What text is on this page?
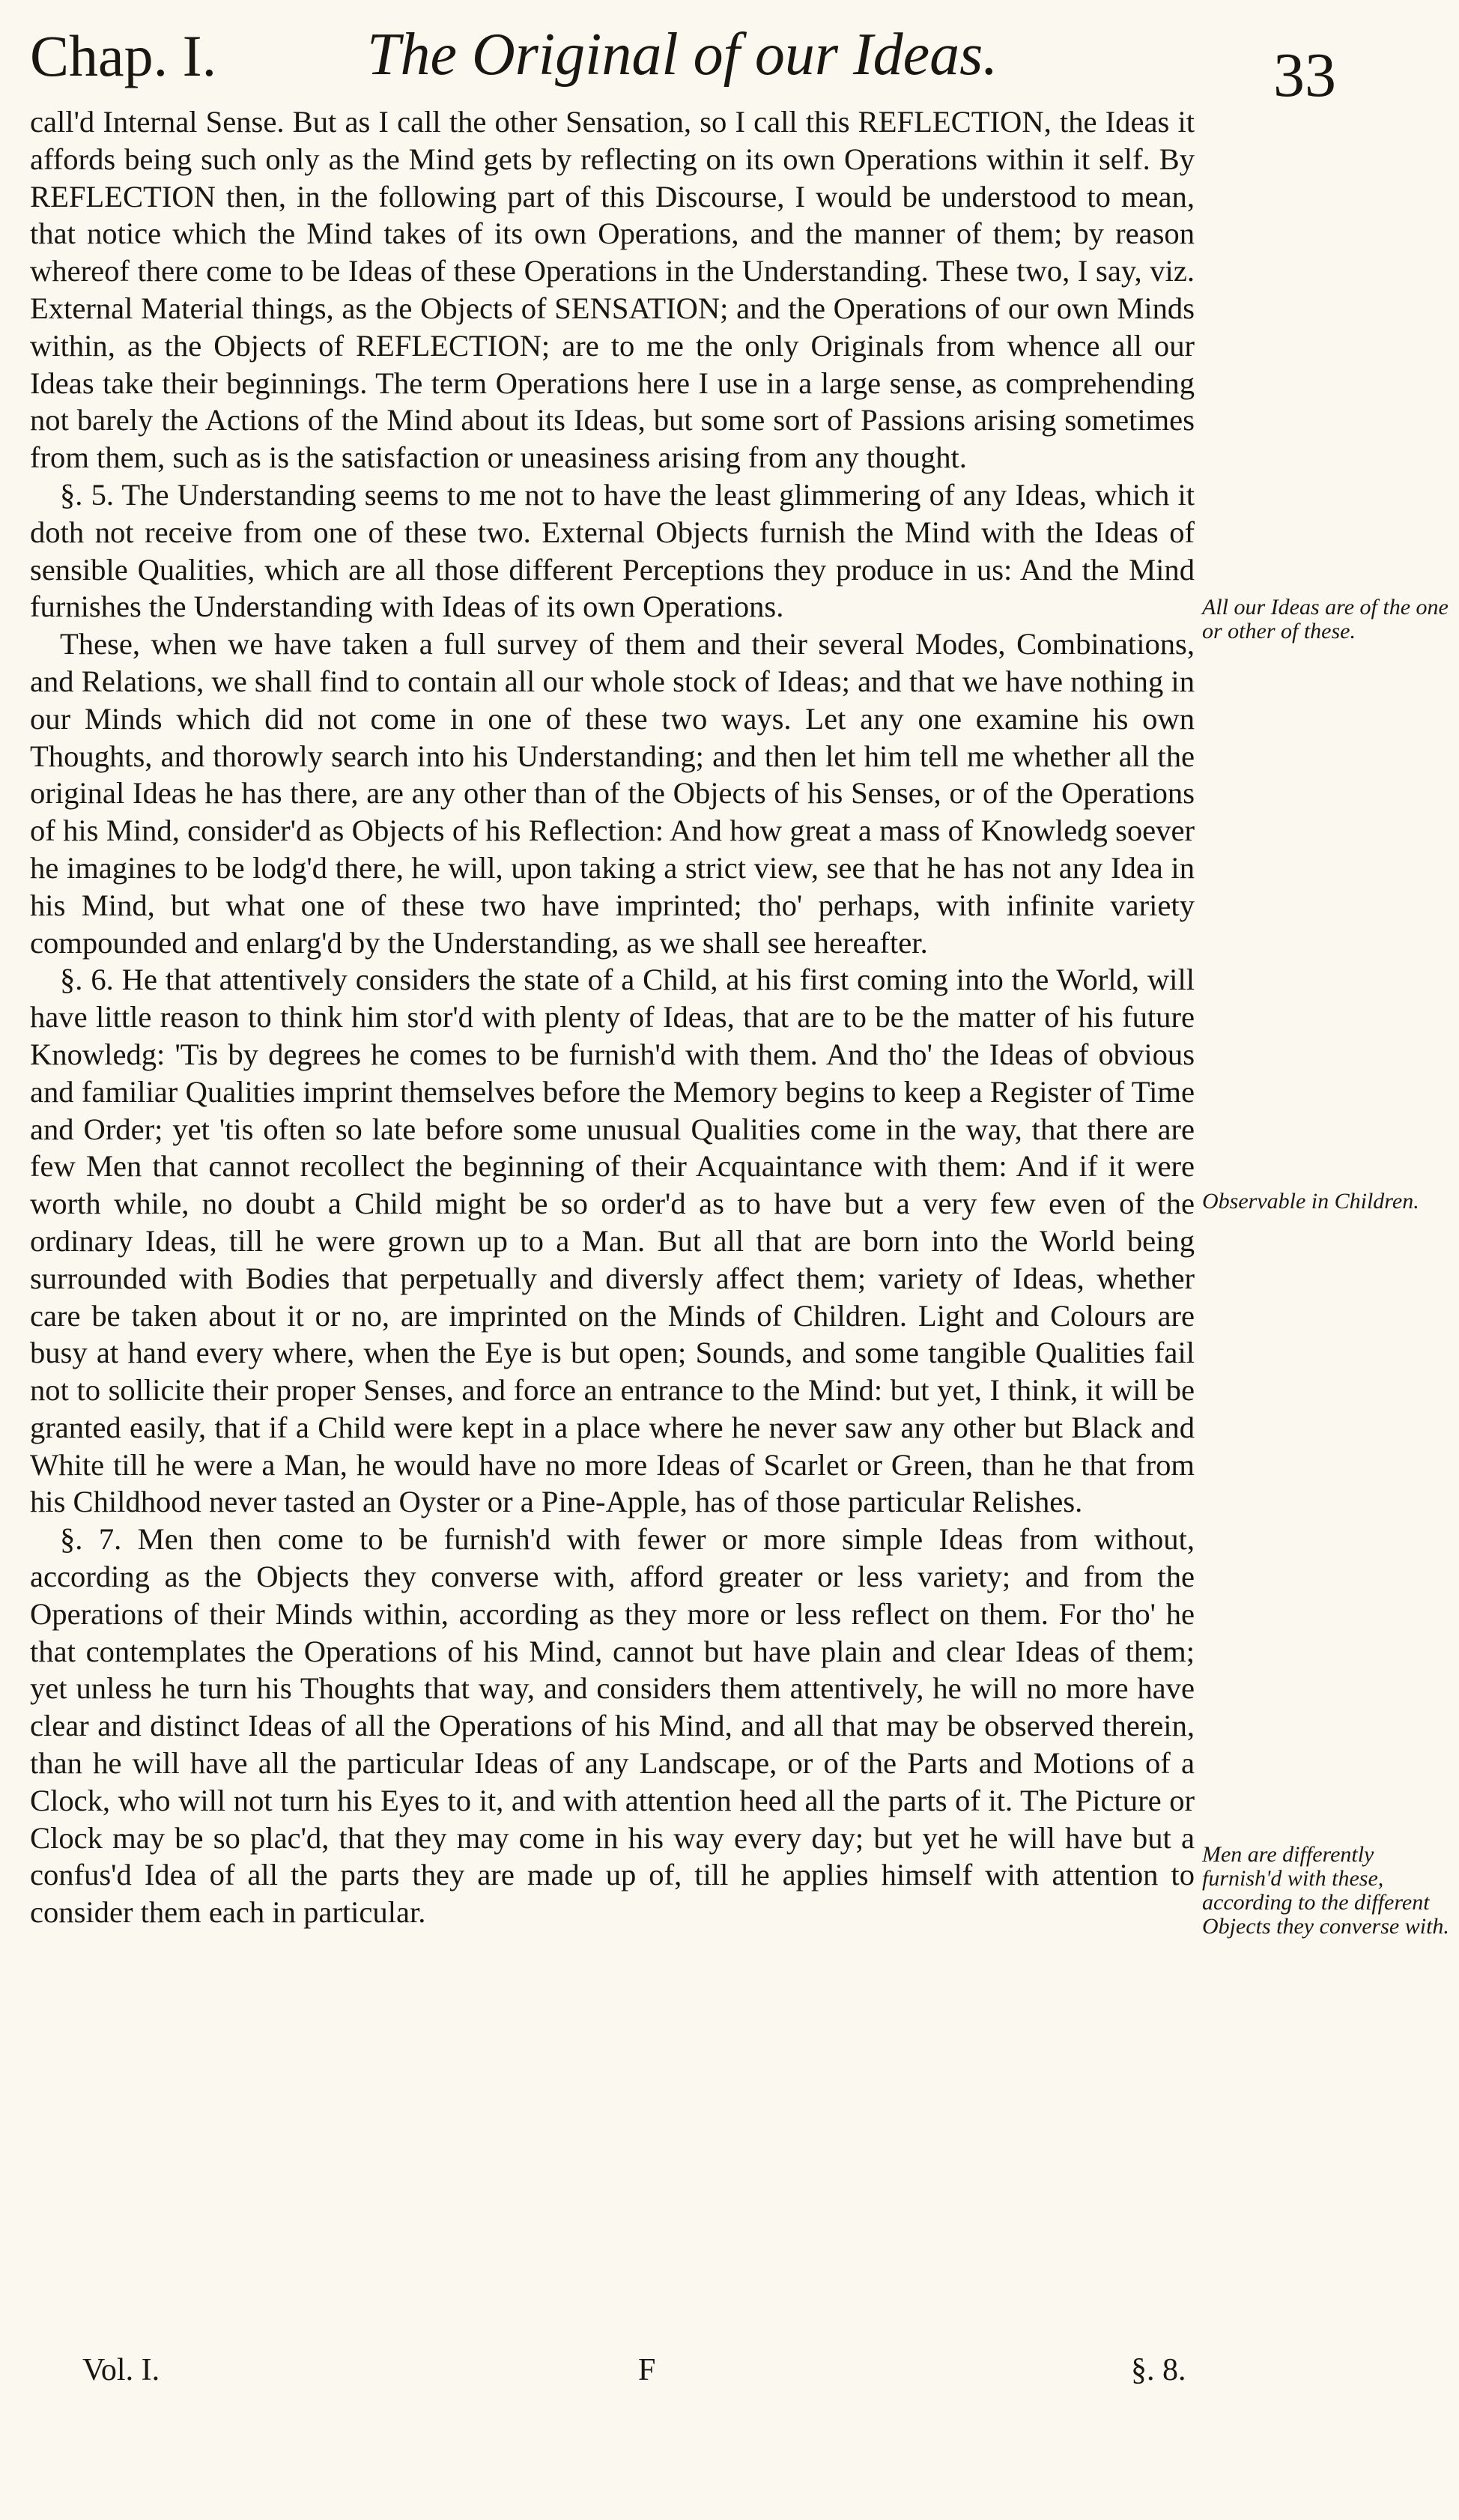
Chap. I.	The Original of our Ideas.	33

call'd Internal Sense. But as I call the other Sensation, so I call this REFLECTION, the Ideas it affords being such only as the Mind gets by reflecting on its own Operations within it self. By REFLECTION then, in the following part of this Discourse, I would be understood to mean, that notice which the Mind takes of its own Operations, and the manner of them; by reason whereof there come to be Ideas of these Operations in the Understanding. These two, I say, viz. External Material things, as the Objects of SENSATION; and the Operations of our own Minds within, as the Objects of REFLECTION; are to me the only Originals from whence all our Ideas take their beginnings. The term Operations here I use in a large sense, as comprehending not barely the Actions of the Mind about its Ideas, but some sort of Passions arising sometimes from them, such as is the satisfaction or uneasiness arising from any thought.

§. 5. The Understanding seems to me not to have the least glimmering of any Ideas, which it doth not receive from one of these two. External Objects furnish the Mind with the Ideas of sensible Qualities, which are all those different Perceptions they produce in us: And the Mind furnishes the Understanding with Ideas of its own Operations.

These, when we have taken a full survey of them and their several Modes, Combinations, and Relations, we shall find to contain all our whole stock of Ideas; and that we have nothing in our Minds which did not come in one of these two ways. Let any one examine his own Thoughts, and thorowly search into his Understanding; and then let him tell me whether all the original Ideas he has there, are any other than of the Objects of his Senses, or of the Operations of his Mind, consider'd as Objects of his Reflection: And how great a mass of Knowledg soever he imagines to be lodg'd there, he will, upon taking a strict view, see that he has not any Idea in his Mind, but what one of these two have imprinted; tho' perhaps, with infinite variety compounded and enlarg'd by the Understanding, as we shall see hereafter.

§. 6. He that attentively considers the state of a Child, at his first coming into the World, will have little reason to think him stor'd with plenty of Ideas, that are to be the matter of his future Knowledg: 'Tis by degrees he comes to be furnish'd with them. And tho' the Ideas of obvious and familiar Qualities imprint themselves before the Memory begins to keep a Register of Time and Order; yet 'tis often so late before some unusual Qualities come in the way, that there are few Men that cannot recollect the beginning of their Acquaintance with them: And if it were worth while, no doubt a Child might be so order'd as to have but a very few even of the ordinary Ideas, till he were grown up to a Man. But all that are born into the World being surrounded with Bodies that perpetually and diversly affect them; variety of Ideas, whether care be taken about it or no, are imprinted on the Minds of Children. Light and Colours are busy at hand every where, when the Eye is but open; Sounds, and some tangible Qualities fail not to sollicite their proper Senses, and force an entrance to the Mind: but yet, I think, it will be granted easily, that if a Child were kept in a place where he never saw any other but Black and White till he were a Man, he would have no more Ideas of Scarlet or Green, than he that from his Childhood never tasted an Oyster or a Pine-Apple, has of those particular Relishes.

§. 7. Men then come to be furnish'd with fewer or more simple Ideas from without, according as the Objects they converse with, afford greater or less variety; and from the Operations of their Minds within, according as they more or less reflect on them. For tho' he that contemplates the Operations of his Mind, cannot but have plain and clear Ideas of them; yet unless he turn his Thoughts that way, and considers them attentively, he will no more have clear and distinct Ideas of all the Operations of his Mind, and all that may be observed therein, than he will have all the particular Ideas of any Landscape, or of the Parts and Motions of a Clock, who will not turn his Eyes to it, and with attention heed all the parts of it. The Picture or Clock may be so plac'd, that they may come in his way every day; but yet he will have but a confus'd Idea of all the parts they are made up of, till he applies himself with attention to consider them each in particular.

All our Ideas are of the one or other of these.
Observable in Children.
Men are differently furnish'd with these, according to the different Objects they converse with.
Vol. I.	F	§. 8.
